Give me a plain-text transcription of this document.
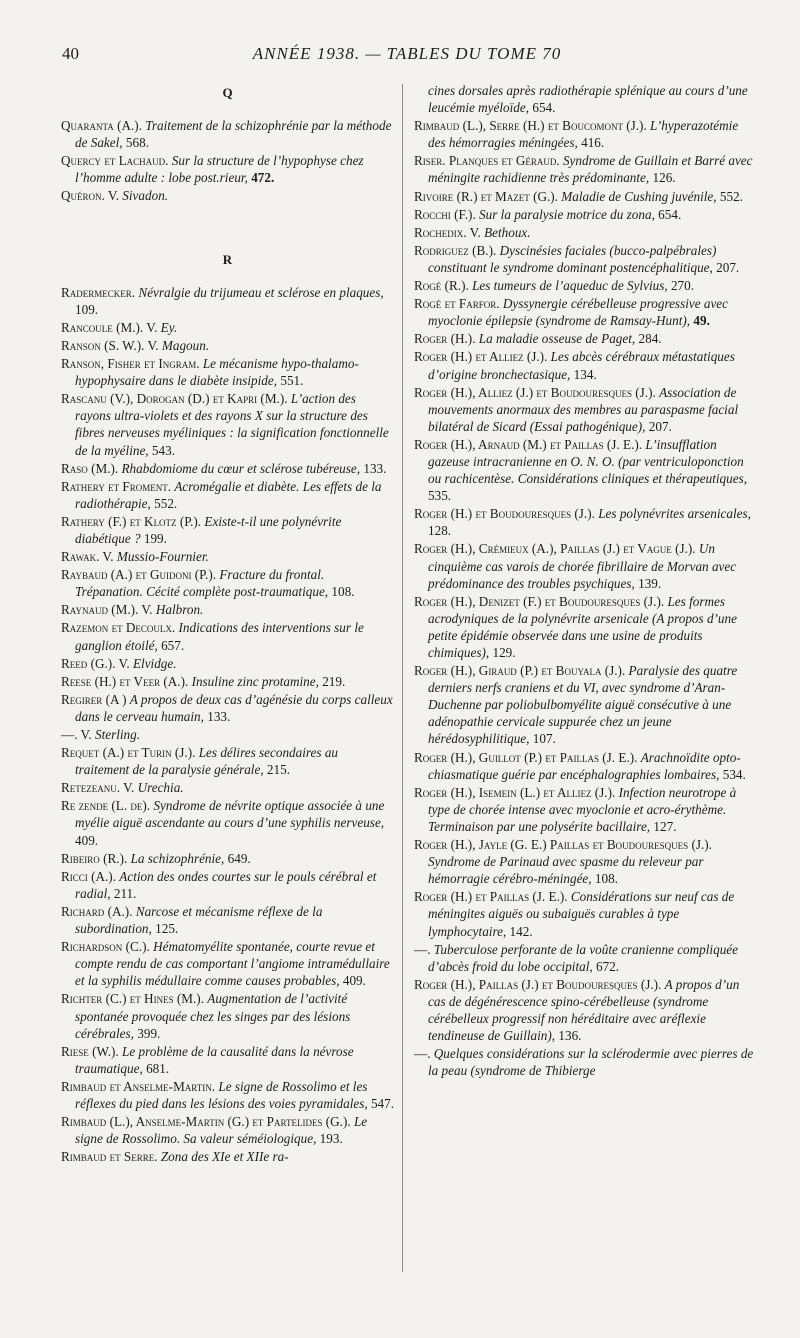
40	ANNÉE 1938. — TABLES DU TOME 70
Q
Quaranta (A.). Traitement de la schizophrénie par la méthode de Sakel, 568.
Quercy et Lachaud. Sur la structure de l’hypophyse chez l’homme adulte : lobe post.rieur, 472.
Quéron. V. Sivadon.
R
Radermecker. Névralgie du trijumeau et sclérose en plaques, 109.
Rancoule (M.). V. Ey.
Ranson (S. W.). V. Magoun.
Ranson, Fisher et Ingram. Le mécanisme hypo-thalamo-hypophysaire dans le diabète insipide, 551.
Rascanu (V.), Dorogan (D.) et Kapri (M.). L’action des rayons ultra-violets et des rayons X sur la structure des fibres nerveuses myéliniques : la signification fonctionnelle de la myéline, 543.
Raso (M.). Rhabdomiome du cœur et sclérose tubéreuse, 133.
Rathery et Froment. Acromégalie et diabète. Les effets de la radiothérapie, 552.
Rathery (F.) et Klotz (P.). Existe-t-il une polynévrite diabétique ? 199.
Rawak. V. Mussio-Fournier.
Raybaud (A.) et Guidoni (P.). Fracture du frontal. Trépanation. Cécité complète post-traumatique, 108.
Raynaud (M.). V. Halbron.
Razemon et Decoulx. Indications des interventions sur le ganglion étoilé, 657.
Reed (G.). V. Elvidge.
Reese (H.) et Veer (A.). Insuline zinc protamine, 219.
Regirer (A ) A propos de deux cas d’agénésie du corps calleux dans le cerveau humain, 133.
—. V. Sterling.
Requet (A.) et Turin (J.). Les délires secondaires au traitement de la paralysie générale, 215.
Retezeanu. V. Urechia.
Re zende (L. de). Syndrome de névrite optique associée à une myélie aiguë ascendante au cours d’une syphilis nerveuse, 409.
Ribeiro (R.). La schizophrénie, 649.
Ricci (A.). Action des ondes courtes sur le pouls cérébral et radial, 211.
Richard (A.). Narcose et mécanisme réflexe de la subordination, 125.
Richardson (C.). Hématomyélite spontanée, courte revue et compte rendu de cas comportant l’angiome intramédullaire et la syphilis médullaire comme causes probables, 409.
Richter (C.) et Hines (M.). Augmentation de l’activité spontanée provoquée chez les singes par des lésions cérébrales, 399.
Riese (W.). Le problème de la causalité dans la névrose traumatique, 681.
Rimbaud et Anselme-Martin. Le signe de Rossolimo et les réflexes du pied dans les lésions des voies pyramidales, 547.
Rimbaud (L.), Anselme-Martin (G.) et Partelides (G.). Le signe de Rossolimo. Sa valeur séméiologique, 193.
Rimbaud et Serre. Zona des XIe et XIIe ra-
cines dorsales après radiothérapie splénique au cours d’une leucémie myéloïde, 654.
Rimbaud (L.), Serre (H.) et Boucomont (J.). L’hyperazotémie des hémorragies méningées, 416.
Riser. Planques et Géraud. Syndrome de Guillain et Barré avec méningite rachidienne très prédominante, 126.
Rivoire (R.) et Mazet (G.). Maladie de Cushing juvénile, 552.
Rocchi (F.). Sur la paralysie motrice du zona, 654.
Rochedix. V. Bethoux.
Rodriguez (B.). Dyscinésies faciales (bucco-palpébrales) constituant le syndrome dominant postencéphalitique, 207.
Rogé (R.). Les tumeurs de l’aqueduc de Sylvius, 270.
Rogé et Farfor. Dyssynergie cérébelleuse progressive avec myoclonie épilepsie (syndrome de Ramsay-Hunt), 49.
Roger (H.). La maladie osseuse de Paget, 284.
Roger (H.) et Alliez (J.). Les abcès cérébraux métastatiques d’origine bronchectasique, 134.
Roger (H.), Alliez (J.) et Boudouresques (J.). Association de mouvements anormaux des membres au paraspasme facial bilatéral de Sicard (Essai pathogénique), 207.
Roger (H.), Arnaud (M.) et Paillas (J. E.). L’insufflation gazeuse intracranienne en O. N. O. (par ventriculoponction ou rachicentèse. Considérations cliniques et thérapeutiques, 535.
Roger (H.) et Boudouresques (J.). Les polynévrites arsenicales, 128.
Roger (H.), Crémieux (A.), Paillas (J.) et Vague (J.). Un cinquième cas varois de chorée fibrillaire de Morvan avec prédominance des troubles psychiques, 139.
Roger (H.), Denizet (F.) et Boudouresques (J.). Les formes acrodyniques de la polynévrite arsenicale (A propos d’une petite épidémie observée dans une usine de produits chimiques), 129.
Roger (H.), Giraud (P.) et Bouyala (J.). Paralysie des quatre derniers nerfs craniens et du VI, avec syndrome d’Aran-Duchenne par poliobulbomyélite aiguë consécutive à une adénopathie cervicale suppurée chez un jeune hérédosyphilitique, 107.
Roger (H.), Guillot (P.) et Paillas (J. E.). Arachnoïdite opto-chiasmatique guérie par encéphalographies lombaires, 534.
Roger (H.), Isemein (L.) et Alliez (J.). Infection neurotrope à type de chorée intense avec myoclonie et acro-érythème. Terminaison par une polysérite bacillaire, 127.
Roger (H.), Jayle (G. E.) Paillas et Boudouresques (J.). Syndrome de Parinaud avec spasme du releveur par hémorragie cérébro-méningée, 108.
Roger (H.) et Paillas (J. E.). Considérations sur neuf cas de méningites aiguës ou subaiguës curables à type lymphocytaire, 142.
—. Tuberculose perforante de la voûte cranienne compliquée d’abcès froid du lobe occipital, 672.
Roger (H.), Paillas (J.) et Boudouresques (J.). A propos d’un cas de dégénérescence spino-cérébelleuse (syndrome cérébelleux progressif non héréditaire avec aréflexie tendineuse de Guillain), 136.
—. Quelques considérations sur la sclérodermie avec pierres de la peau (syndrome de Thibierge
